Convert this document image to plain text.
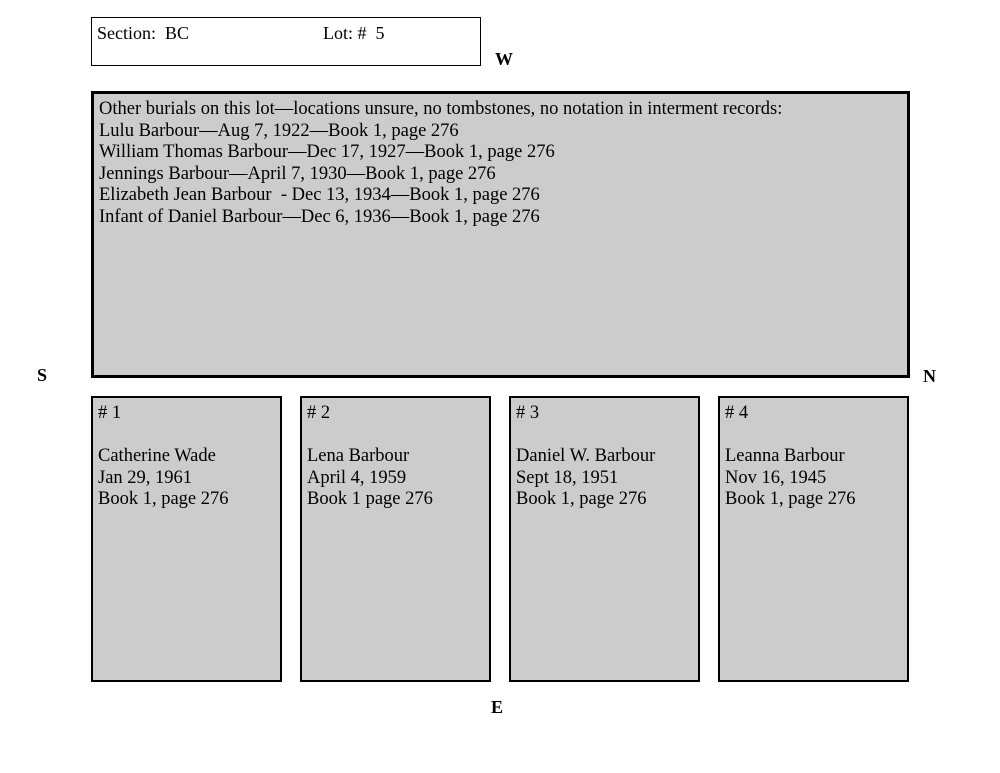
Section:  BC	Lot: #  5
W
S	N
E
Other burials on this lot—locations unsure, no tombstones, no notation in interment records:
Lulu Barbour—Aug 7, 1922—Book 1, page 276
William Thomas Barbour—Dec 17, 1927—Book 1, page 276
Jennings Barbour—April 7, 1930—Book 1, page 276
Elizabeth Jean Barbour  - Dec 13, 1934—Book 1, page 276
Infant of Daniel Barbour—Dec 6, 1936—Book 1, page 276
# 1
Catherine Wade
Jan 29, 1961
Book 1, page 276
# 2
Lena Barbour
April 4, 1959
Book 1 page 276
# 3
Daniel W. Barbour
Sept 18, 1951
Book 1, page 276
# 4
Leanna Barbour
Nov 16, 1945
Book 1, page 276
